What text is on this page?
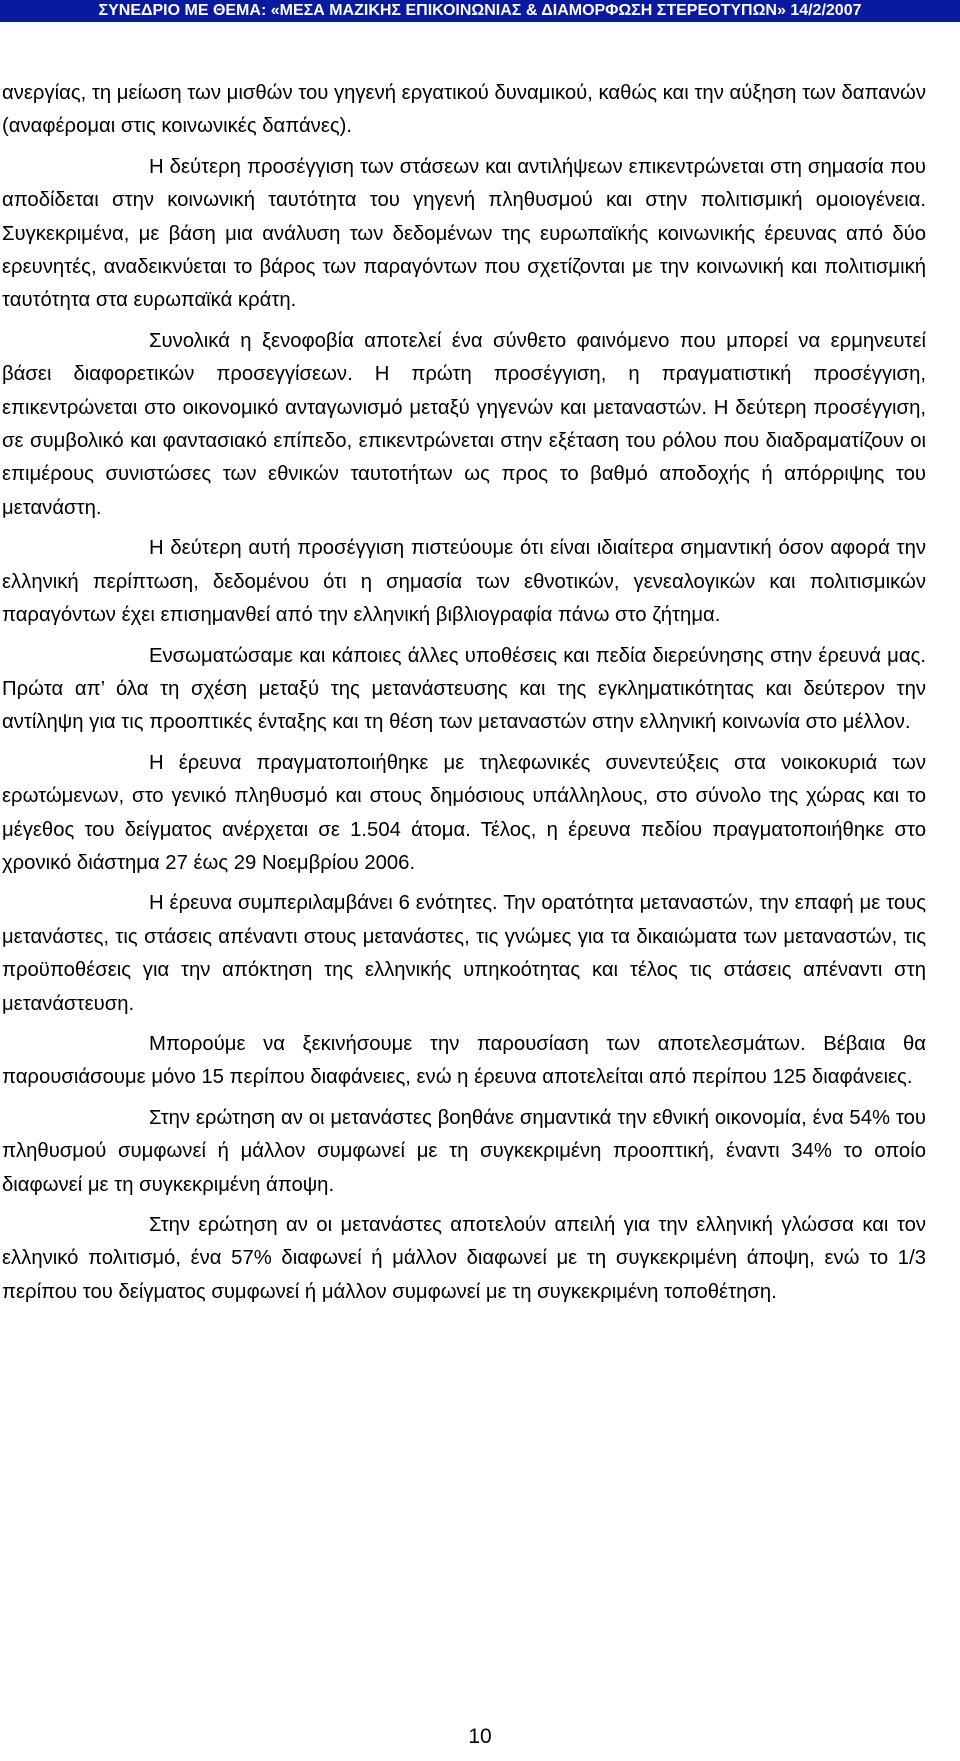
ΣΥΝΕΔΡΙΟ ΜΕ ΘΕΜΑ: «ΜΕΣΑ ΜΑΖΙΚΗΣ ΕΠΙΚΟΙΝΩΝΙΑΣ & ΔΙΑΜΟΡΦΩΣΗ ΣΤΕΡΕΟΤΥΠΩΝ» 14/2/2007

ανεργίας, τη μείωση των μισθών του γηγενή εργατικού δυναμικού, καθώς και την αύξηση των δαπανών (αναφέρομαι στις κοινωνικές δαπάνες).

Η δεύτερη προσέγγιση των στάσεων και αντιλήψεων επικεντρώνεται στη σημασία που αποδίδεται στην κοινωνική ταυτότητα του γηγενή πληθυσμού και στην πολιτισμική ομοιογένεια. Συγκεκριμένα, με βάση μια ανάλυση των δεδομένων της ευρωπαϊκής κοινωνικής έρευνας από δύο ερευνητές, αναδεικνύεται το βάρος των παραγόντων που σχετίζονται με την κοινωνική και πολιτισμική ταυτότητα στα ευρωπαϊκά κράτη.

Συνολικά η ξενοφοβία αποτελεί ένα σύνθετο φαινόμενο που μπορεί να ερμηνευτεί βάσει διαφορετικών προσεγγίσεων. Η πρώτη προσέγγιση, η πραγματιστική προσέγγιση, επικεντρώνεται στο οικονομικό ανταγωνισμό μεταξύ γηγενών και μεταναστών. Η δεύτερη προσέγγιση, σε συμβολικό και φαντασιακό επίπεδο, επικεντρώνεται στην εξέταση του ρόλου που διαδραματίζουν οι επιμέρους συνιστώσες των εθνικών ταυτοτήτων ως προς το βαθμό αποδοχής ή απόρριψης του μετανάστη.

Η δεύτερη αυτή προσέγγιση πιστεύουμε ότι είναι ιδιαίτερα σημαντική όσον αφορά την ελληνική περίπτωση, δεδομένου ότι η σημασία των εθνοτικών, γενεαλογικών και πολιτισμικών παραγόντων έχει επισημανθεί από την ελληνική βιβλιογραφία πάνω στο ζήτημα.

Ενσωματώσαμε και κάποιες άλλες υποθέσεις και πεδία διερεύνησης στην έρευνά μας. Πρώτα απ’ όλα τη σχέση μεταξύ της μετανάστευσης και της εγκληματικότητας και δεύτερον την αντίληψη για τις προοπτικές ένταξης και τη θέση των μεταναστών στην ελληνική κοινωνία στο μέλλον.

Η έρευνα πραγματοποιήθηκε με τηλεφωνικές συνεντεύξεις στα νοικοκυριά των ερωτώμενων, στο γενικό πληθυσμό και στους δημόσιους υπάλληλους, στο σύνολο της χώρας και το μέγεθος του δείγματος ανέρχεται σε 1.504 άτομα. Τέλος, η έρευνα πεδίου πραγματοποιήθηκε στο χρονικό διάστημα 27 έως 29 Νοεμβρίου 2006.

Η έρευνα συμπεριλαμβάνει 6 ενότητες. Την ορατότητα μεταναστών, την επαφή με τους μετανάστες, τις στάσεις απέναντι στους μετανάστες, τις γνώμες για τα δικαιώματα των μεταναστών, τις προϋποθέσεις για την απόκτηση της ελληνικής υπηκοότητας και τέλος τις στάσεις απέναντι στη μετανάστευση.

Μπορούμε να ξεκινήσουμε την παρουσίαση των αποτελεσμάτων. Βέβαια θα παρουσιάσουμε μόνο 15 περίπου διαφάνειες, ενώ η έρευνα αποτελείται από περίπου 125 διαφάνειες.

Στην ερώτηση αν οι μετανάστες βοηθάνε σημαντικά την εθνική οικονομία, ένα 54% του πληθυσμού συμφωνεί ή μάλλον συμφωνεί με τη συγκεκριμένη προοπτική, έναντι 34% το οποίο διαφωνεί με τη συγκεκριμένη άποψη.

Στην ερώτηση αν οι μετανάστες αποτελούν απειλή για την ελληνική γλώσσα και τον ελληνικό πολιτισμό, ένα 57% διαφωνεί ή μάλλον διαφωνεί με τη συγκεκριμένη άποψη, ενώ το 1/3 περίπου του δείγματος συμφωνεί ή μάλλον συμφωνεί με τη συγκεκριμένη τοποθέτηση.

10
